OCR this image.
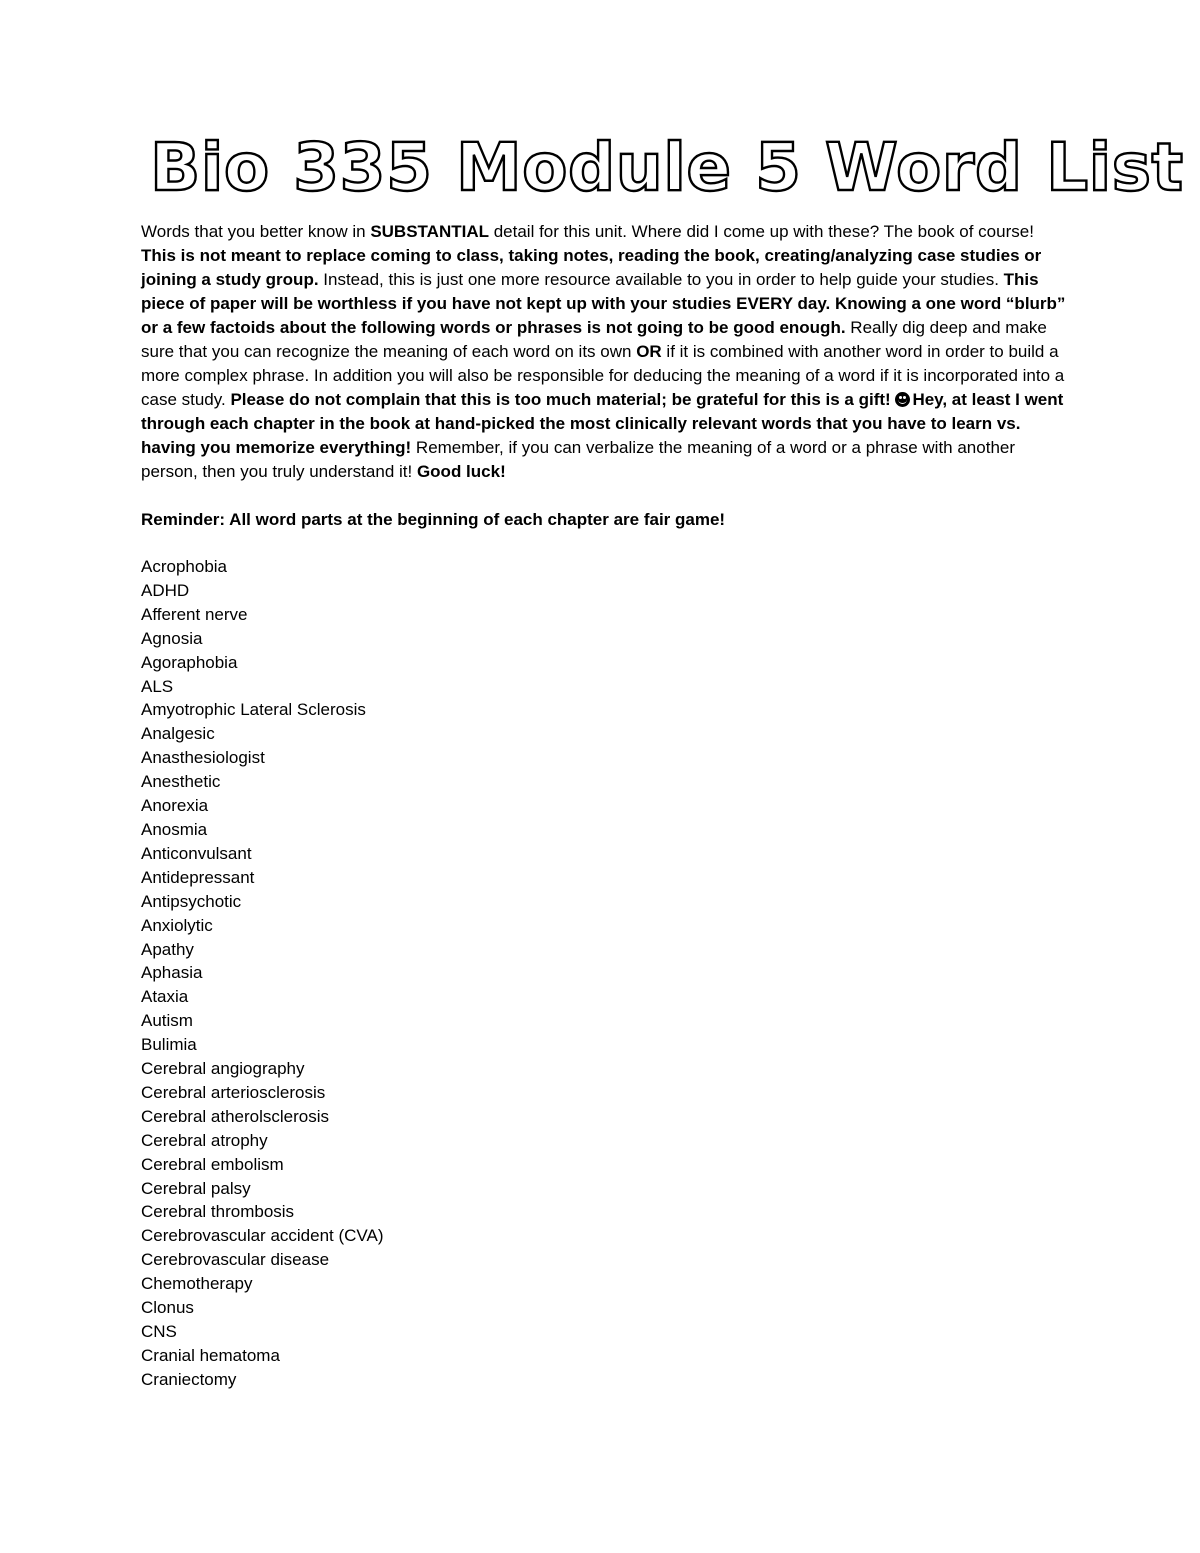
Bio 335 Module 5 Word List

Words that you better know in SUBSTANTIAL detail for this unit. Where did I come up with these? The book of course! This is not meant to replace coming to class, taking notes, reading the book, creating/analyzing case studies or joining a study group. Instead, this is just one more resource available to you in order to help guide your studies. This piece of paper will be worthless if you have not kept up with your studies EVERY day. Knowing a one word “blurb” or a few factoids about the following words or phrases is not going to be good enough. Really dig deep and make sure that you can recognize the meaning of each word on its own OR if it is combined with another word in order to build a more complex phrase. In addition you will also be responsible for deducing the meaning of a word if it is incorporated into a case study. Please do not complain that this is too much material; be grateful for this is a gift!
Hey, at least I went through each chapter in the book at hand-picked the most clinically relevant words that you have to learn vs. having you memorize everything! Remember, if you can verbalize the meaning of a word or a phrase with another person, then you truly understand it! Good luck!

Reminder: All word parts at the beginning of each chapter are fair game!

Acrophobia
ADHD
Afferent nerve
Agnosia
Agoraphobia
ALS
Amyotrophic Lateral Sclerosis
Analgesic
Anasthesiologist
Anesthetic
Anorexia
Anosmia
Anticonvulsant
Antidepressant
Antipsychotic
Anxiolytic
Apathy
Aphasia
Ataxia
Autism
Bulimia
Cerebral angiography
Cerebral arteriosclerosis
Cerebral atherolsclerosis
Cerebral atrophy
Cerebral embolism
Cerebral palsy
Cerebral thrombosis
Cerebrovascular accident (CVA)
Cerebrovascular disease
Chemotherapy
Clonus
CNS
Cranial hematoma
Craniectomy
